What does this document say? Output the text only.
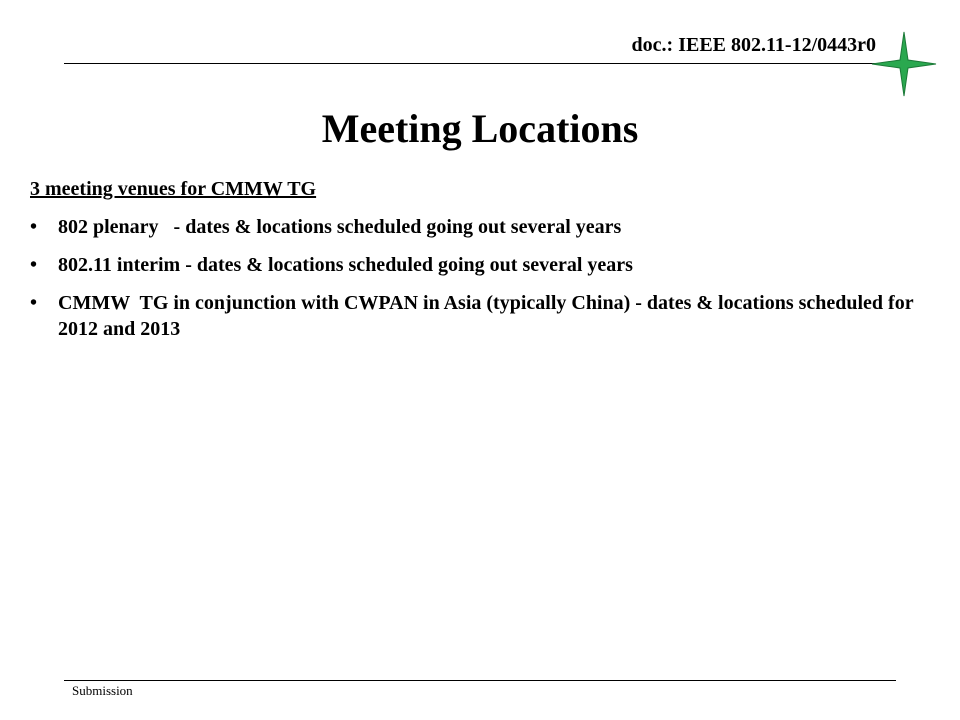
doc.: IEEE 802.11-12/0443r0
Meeting Locations
3 meeting venues for CMMW TG
• 802 plenary   - dates & locations scheduled going out several years
• 802.11 interim - dates & locations scheduled going out several years
• CMMW  TG in conjunction with CWPAN in Asia (typically China) - dates & locations scheduled for 2012 and 2013
Submission
